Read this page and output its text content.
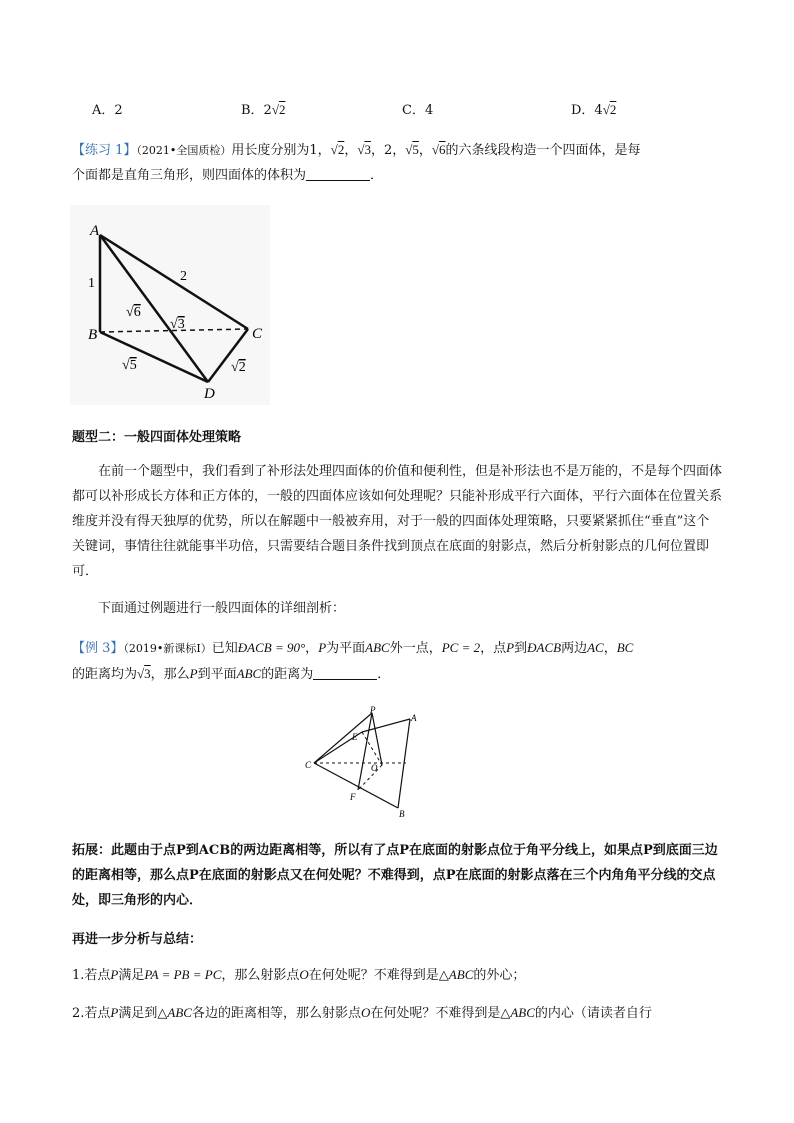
A．2	B．2√2	C．4	D．4√2
【练习 1】（2021•全国质检）用长度分别为1，√2，√3，2，√5，√6的六条线段构造一个四面体，是每
个面都是直角三角形，则四面体的体积为	．
A
B	C
D
1	2
√6
√3
√5	√2
题型二：一般四面体处理策略
在前一个题型中，我们看到了补形法处理四面体的价值和便利性，但是补形法也不是万能的，不是每个四面体都可以补形成长方体和正方体的，一般的四面体应该如何处理呢？只能补形成平行六面体，平行六面体在位置关系维度并没有得天独厚的优势，所以在解题中一般被弃用，对于一般的四面体处理策略，只要紧紧抓住“垂直”这个关键词，事情往往就能事半功倍，只需要结合题目条件找到顶点在底面的射影点，然后分析射影点的几何位置即可．
下面通过例题进行一般四面体的详细剖析：
【例 3】（2019•新课标Ⅰ）已知ÐACB = 90°，P为平面ABC外一点，PC = 2，点P到ÐACB两边AC，BC
的距离均为√3，那么P到平面ABC的距离为	．
P
A
B
C
E
O
F
拓展：此题由于点P到ACB的两边距离相等，所以有了点P在底面的射影点位于角平分线上，如果点P到底面三边的距离相等，那么点P在底面的射影点又在何处呢？不难得到，点P在底面的射影点落在三个内角角平分线的交点处，即三角形的内心．
再进一步分析与总结：
1.若点P满足PA = PB = PC，那么射影点O在何处呢？不难得到是△ABC的外心；
2.若点P满足到△ABC各边的距离相等，那么射影点O在何处呢？不难得到是△ABC的内心（请读者自行
